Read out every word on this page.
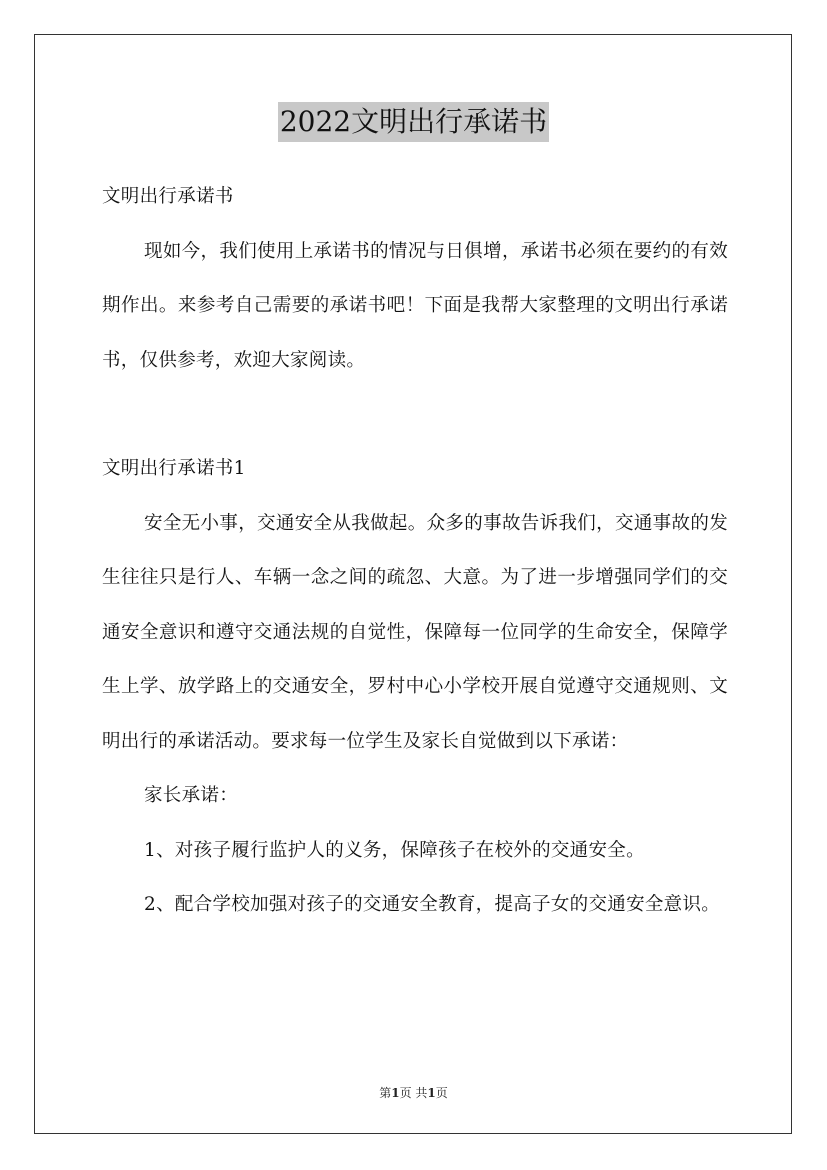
2022文明出行承诺书

文明出行承诺书

现如今，我们使用上承诺书的情况与日俱增，承诺书必须在要约的有效期作出。来参考自己需要的承诺书吧！下面是我帮大家整理的文明出行承诺书，仅供参考，欢迎大家阅读。

文明出行承诺书1

安全无小事，交通安全从我做起。众多的事故告诉我们，交通事故的发生往往只是行人、车辆一念之间的疏忽、大意。为了进一步增强同学们的交通安全意识和遵守交通法规的自觉性，保障每一位同学的生命安全，保障学生上学、放学路上的交通安全，罗村中心小学校开展自觉遵守交通规则、文明出行的承诺活动。要求每一位学生及家长自觉做到以下承诺：

家长承诺：

1、对孩子履行监护人的义务，保障孩子在校外的交通安全。

2、配合学校加强对孩子的交通安全教育，提高子女的交通安全意识。

第1页 共1页
